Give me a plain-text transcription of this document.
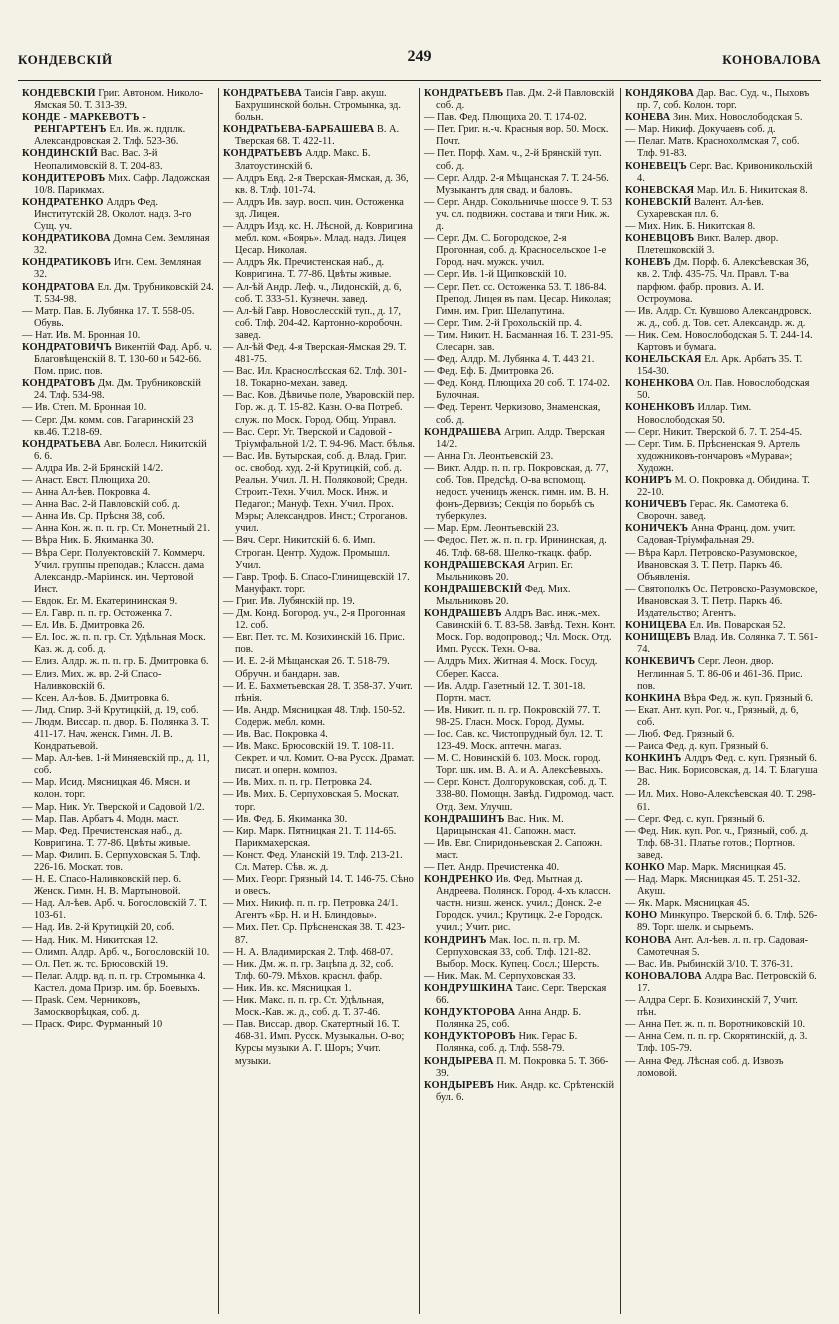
КОНДЕВСКІЙ	249	КОНОВАЛОВА

КОНДЕВСКІЙ Григ. Автоном. Николо-Ямская 50. Т. 313-39.

КОНДЕ - МАРКЕВОТЪ - РЕНГАРТЕНЪ Ел. Ив. ж. пдплк. Александровская 2. Тлф. 523-36.

КОНДИНСКІЙ Вас. Вас. 3-й Неопалимовскій 8. Т. 204-83.

КОНДИТЕРОВЪ Мих. Сафр. Ладожская 10/8. Парикмах.

КОНДРАТЕНКО Алдръ Фед. Институтскій 28. Околот. надз. 3-го Сущ. уч.

КОНДРАТИКОВА Домна Сем. Земляная 32.

КОНДРАТИКОВЪ Игн. Сем. Земляная 32.

КОНДРАТОВА Ел. Дм. Трубниковскій 24. Т. 534-98.

— Матр. Пав. Б. Лубянка 17. Т. 558-05. Обувь.

— Нат. Ив. М. Бронная 10.

КОНДРАТОВИЧЪ Викентій Фад. Арб. ч. Благовѣщенскій 8. Т. 130-60 и 542-66. Пом. прис. пов.

КОНДРАТОВЪ Дм. Дм. Трубниковскій 24. Тлф. 534-98.

— Ив. Степ. М. Бронная 10.

— Серг. Дм. комм. сов. Гагаринскій 23 кв.46. Т.218-69.

КОНДРАТЬЕВА Авг. Болесл. Никитскій 6. 6.

— Алдра Ив. 2-й Брянскій 14/2.

— Анаст. Евст. Плющиха 20.

— Анна Ал-ѣев. Покровка 4.

— Анна Вас. 2-й Павловскій соб. д.

— Анна Ив. Ср. Прѣсня 38, соб.

— Анна Кон. ж. п. п. гр. Ст. Монетный 21.

— Вѣра Ник. Б. Якиманка 30.

— Вѣра Серг. Полуектовскій 7. Коммерч. Учил. группы преподав.; Классн. дама Александр.-Маріинск. ин. Чертовой Инст.

— Евдок. Ег. М. Екатерининская 9.

— Ел. Гавр. п. п. гр. Остоженка 7.

— Ел. Ив. Б. Дмитровка 26.

— Ел. Іос. ж. п. п. гр. Ст. Удѣльная Моск. Каз. ж. д. соб. д.

— Елиз. Алдр. ж. п. п. гр. Б. Дмитровка 6.

— Елиз. Мих. ж. вр. 2-й Спасо-Наливковскій 6.

— Ксен. Ал-ѣов. Б. Дмитровка 6.

— Лид. Спир. 3-й Крутицкій, д. 19, соб.

— Людм. Виссар. п. двор. Б. Полянка 3. Т. 411-17. Нач. женск. Гимн. Л. В. Кондратьевой.

— Мар. Ал-ѣев. 1-й Миняевскій пр., д. 11, соб.

— Мар. Исид. Мясницкая 46. Мясн. и колон. торг.

— Мар. Ник. Уг. Тверской и Садовой 1/2.

— Мар. Пав. Арбатъ 4. Модн. маст.

— Мар. Фед. Пречистенская наб., д. Ковригина. Т. 77-86. Цвѣты живые.

— Мар. Филип. Б. Серпуховская 5. Тлф. 226-16. Москат. тов.

— Н. Е. Спасо-Наливковскій пер. 6. Женск. Гимн. Н. В. Мартыновой.

— Над. Ал-ѣев. Арб. ч. Богословскій 7. Т. 103-61.

— Над. Ив. 2-й Крутицкій 20, соб.

— Над. Ник. М. Никитская 12.

— Олимп. Алдр. Арб. ч., Богословскій 10.

— Ол. Пет. ж. тс. Брюсовскій 19.

— Пелаг. Алдр. вд. п. п. гр. Стромынка 4. Кастел. дома Призр. им. бр. Боевыхъ.

— Прask. Сем. Черниковъ, Замоскворѣцкая, соб. д.

— Праск. Фирс. Фурманный 10

КОНДРАТЬЕВА Таисія Гавр. акуш. Бахрушинской больн. Стромынка, зд. больн.

КОНДРАТЬЕВА-БАРБАШЕВА В. А. Тверская 68. Т. 422-11.

КОНДРАТЬЕВЪ Алдр. Макс. Б. Златоустинскій 6.

— Алдръ Евд. 2-я Тверская-Ямская, д. 36, кв. 8. Тлф. 101-74.

— Алдръ Ив. заур. восп. чин. Остоженка зд. Лицея.

— Алдръ Изд. кс. Н. Лѣсной, д. Ковригина мебл. ком. «Боярь». Млад. надз. Лицея Цесар. Николая.

— Алдръ Як. Пречистенская наб., д. Ковригина. Т. 77-86. Цвѣты живые.

— Ал-ѣй Андр. Леф. ч., Лидонскій, д. 6, соб. Т. 333-51. Кузнечн. завед.

— Ал-ѣй Гавр. Новослесскій туп., д. 17, соб. Тлф. 204-42. Картонно-коробочн. завед.

— Ал-ѣй Фед. 4-я Тверская-Ямская 29. Т. 481-75.

— Вас. Ил. Краснослѣсская 62. Тлф. 301-18. Токарно-механ. завед.

— Вас. Ков. Дѣвичье поле, Уваровскій пер. Гор. ж. д. Т. 15-82. Казн. О-ва Потреб. служ. по Моск. Город. Общ. Управл.

— Вас. Серг. Уг. Тверской и Садовой - Тріумфальной 1/2. Т. 94-96. Маст. бѣлья.

— Вас. Ив. Бутырская, соб. д. Влад. Григ. ос. свобод. худ. 2-й Крутицкій, соб. д. Реальн. Учил. Л. Н. Поляковой; Средн. Строит.-Техн. Учил. Моск. Инж. и Педагог.; Мануф. Техн. Учил. Прох. Мэры; Александров. Инст.; Строганов. учил.

— Вяч. Серг. Никитскій 6. 6. Имп. Строган. Центр. Худож. Промышл. Учил.

— Гавр. Троф. Б. Спасо-Глинищевскій 17. Мануфакт. торг.

— Григ. Ив. Лубянскій пр. 19.

— Дм. Конд. Богород. уч., 2-я Прогонная 12. соб.

— Евг. Пет. тс. М. Козихинскій 16. Прис. пов.

— И. Е. 2-й Мѣщанская 26. Т. 518-79. Обручн. и бандарн. зав.

— И. Е. Бахметьевская 28. Т. 358-37. Учит. пѣнія.

— Ив. Андр. Мясницкая 48. Тлф. 150-52. Содерж. мебл. комн.

— Ив. Вас. Покровка 4.

— Ив. Макс. Брюсовскій 19. Т. 108-11. Секрет. и чл. Комит. О-ва Русск. Драмат. писат. и оперн. композ.

— Ив. Мих. п. п. гр. Петровка 24.

— Ив. Мих. Б. Серпуховская 5. Москат. торг.

— Ив. Фед. Б. Якиманка 30.

— Кир. Марк. Пятницкая 21. Т. 114-65. Парикмахерская.

— Конст. Фед. Уланскій 19. Тлф. 213-21. Сл. Матер. Сѣв. ж. д.

— Мих. Георг. Грязный 14. Т. 146-75. Сѣно и овесъ.

— Мих. Никиф. п. п. гр. Петровка 24/1. Агентъ «Бр. Н. и Н. Блиндовы».

— Мих. Пет. Ср. Прѣсненская 38. Т. 423-87.

— Н. А. Владимирская 2. Тлф. 468-07.

— Ник. Дм. ж. п. гр. Зацѣпа д. 32, соб. Тлф. 60-79. Мѣхов. краснл. фабр.

— Ник. Ив. кс. Мясницкая 1.

— Ник. Макс. п. п. гр. Ст. Удѣльная, Моск.-Кав. ж. д., соб. д. Т. 37-46.

— Пав. Виссар. двор. Скатертный 16. Т. 468-31. Имп. Русск. Музыкальн. О-во; Курсы музыки А. Г. Шоръ; Учит. музыки.

КОНДРАТЬЕВЪ Пав. Дм. 2-й Павловскій соб. д.

— Пав. Фед. Плющиха 20. Т. 174-02.

— Пет. Григ. н.-ч. Красныя вор. 50. Моск. Почт.

— Пет. Порф. Хам. ч., 2-й Брянскій туп. соб. д.

— Серг. Алдр. 2-я Мѣщанская 7. Т. 24-56. Музыкантъ для свад. и баловъ.

— Серг. Андр. Сокольничье шоссе 9. Т. 53 уч. сл. подвижн. состава и тяги Ник. ж. д.

— Серг. Дм. С. Богородское, 2-я Прогонная, соб. д. Красносельское 1-е Город. нач. мужск. учил.

— Серг. Ив. 1-й Щипковскій 10.

— Серг. Пет. сс. Остоженка 53. Т. 186-84. Препод. Лицея въ пам. Цесар. Николая; Гимн. им. Григ. Шелапутина.

— Серг. Тим. 2-й Грохольскій пр. 4.

— Тим. Никит. Н. Басманная 16. Т. 231-95. Слесарн. зав.

— Фед. Алдр. М. Лубянка 4. Т. 443 21.

— Фед. Еф. Б. Дмитровка 26.

— Фед. Конд. Плющиха 20 соб. Т. 174-02. Булочная.

— Фед. Терент. Черкизово, Знаменская, соб. д.

КОНДРАШЕВА Агрип. Алдр. Тверская 14/2.

— Анна Гл. Леонтьевскій 23.

— Викт. Алдр. п. п. гр. Покровская, д. 77, соб. Тов. Предсѣд. О-ва вспомощ. недост. ученицъ женск. гимн. им. В. Н. фонъ-Дервизъ; Секція по борьбѣ съ туберкулез.

— Мар. Ерм. Леонтьевскій 23.

— Федос. Пет. ж. п. п. гр. Ирининская, д. 46. Тлф. 68-68. Шелко-ткацк. фабр.

КОНДРАШЕВСКАЯ Агрип. Ег. Мыльниковъ 20.

КОНДРАШЕВСКІЙ Фед. Мих. Мыльниковъ 20.

КОНДРАШЕВЪ Алдръ Вас. инж.-мех. Савинскій 6. Т. 83-58. Завѣд. Техн. Конт. Моск. Гор. водопровод.; Чл. Моск. Отд. Имп. Русск. Техн. О-ва.

— Алдръ Мих. Житная 4. Моск. Госуд. Сберег. Касса.

— Ив. Алдр. Газетный 12. Т. 301-18. Портн. маст.

— Ив. Никит. п. п. гр. Покровскій 77. Т. 98-25. Гласн. Моск. Город. Думы.

— Іос. Сав. кс. Чистопрудный бул. 12. Т. 123-49. Моск. аптечн. магаз.

— М. С. Новинскій 6. 103. Моск. город. Торг. шк. им. В. А. и А. Алексѣевыхъ.

— Серг. Конст. Долгоруковская, соб. д. Т. 338-80. Помощн. Завѣд. Гидромод. част. Отд. Зем. Улучш.

КОНДРАШИНЪ Вас. Ник. М. Царицынская 41. Сапожн. маст.

— Ив. Евг. Спиридоньевская 2. Сапожн. маст.

— Пет. Андр. Пречистенка 40.

КОНДРЕНКО Ив. Фед. Мытная д. Андреева. Полянск. Город. 4-хъ классн. частн. низш. женск. учил.; Донск. 2-е Городск. учил.; Крутицк. 2-е Городск. учил.; Учит. рис.

КОНДРИНЪ Мак. Іос. п. п. гр. М. Серпуховская 33, соб. Тлф. 121-82. Выбор. Моск. Купец. Сосл.; Шерсть.

— Ник. Мак. М. Серпуховская 33.

КОНДРУШКИНА Таис. Серг. Тверская 66.

КОНДУКТОРОВА Анна Андр. Б. Полянка 25, соб.

КОНДУКТОРОВЪ Ник. Герас Б. Полянка, соб. д. Тлф. 558-79.

КОНДЫРЕВА П. М. Покровка 5. Т. 366-39.

КОНДЫРЕВЪ Ник. Андр. кс. Срѣтенскій бул. 6.

КОНДЯКОВА Дар. Вас. Суд. ч., Пыховъ пр. 7, соб. Колон. торг.

КОНЕВА Зин. Мих. Новослободская 5.

— Мар. Никиф. Докучаевъ соб. д.

— Пелаг. Матв. Краснохолмская 7, соб. Тлф. 91-83.

КОНЕВЕЦЪ Серг. Вас. Кривоникольскій 4.

КОНЕВСКАЯ Мар. Ил. Б. Никитская 8.

КОНЕВСКІЙ Валент. Ал-ѣев. Сухаревская пл. 6.

— Мих. Ник. Б. Никитская 8.

КОНЕВЦОВЪ Викт. Валер. двор. Плетешковскій 3.

КОНЕВЪ Дм. Порф. 6. Алексѣевская 36, кв. 2. Тлф. 435-75. Чл. Правл. Т-ва парфюм. фабр. провиз. А. И. Остроумова.

— Ив. Алдр. Ст. Кувшово Александровск. ж. д., соб. д. Тов. сет. Александр. ж. д.

— Ник. Сем. Новослободская 5. Т. 244-14. Картовъ и бумага.

КОНЕЛЬСКАЯ Ел. Арк. Арбатъ 35. Т. 154-30.

КОНЕНКОВА Ол. Пав. Новослободская 50.

КОНЕНКОВЪ Иллар. Тим. Новослободская 50.

— Серг. Никит. Тверской б. 7. Т. 254-45.

— Серг. Тим. Б. Прѣсненская 9. Артель художниковъ-гончаровъ «Мурава»; Художн.

КОНИРЪ М. О. Покровка д. Обидина. Т. 22-10.

КОНИЧЕВЪ Герас. Як. Самотека 6. Сворочн. завед.

КОНИЧЕКЪ Анна Франц. дом. учит. Садовая-Тріумфальная 29.

— Вѣра Карл. Петровско-Разумовское, Ивановская 3. Т. Петр. Паркъ 46. Объявленія.

— Святополкъ Ос. Петровско-Разумовское, Ивановская 3. Т. Петр. Паркъ 46. Издательство; Агентъ.

КОНИЦЕВА Ел. Ив. Поварская 52.

КОНИЩЕВЪ Влад. Ив. Солянка 7. Т. 561-74.

КОНКЕВИЧЪ Серг. Леон. двор. Неглинная 5. Т. 86-06 и 461-36. Прис. пов.

КОНКИНА Вѣра Фед. ж. куп. Грязный 6.

— Екат. Ант. куп. Рог. ч., Грязный, д. 6, соб.

— Люб. Фед. Грязный 6.

— Раиса Фед. д. куп. Грязный 6.

КОНКИНЪ Алдръ Фед. с. куп. Грязный 6.

— Вас. Ник. Борисовская, д. 14. Т. Благуша 28.

— Ил. Мих. Ново-Алексѣевская 40. Т. 298-61.

— Серг. Фед. с. куп. Грязный 6.

— Фед. Ник. куп. Рог. ч., Грязный, соб. д. Тлф. 68-31. Платье готов.; Портнов. завед.

КОНКО Мар. Марк. Мясницкая 45.

— Над. Марк. Мясницкая 45. Т. 251-32. Акуш.

— Як. Марк. Мясницкая 45.

КОНО Минкупро. Тверской б. 6. Тлф. 526-89. Торг. шелк. и сырьемъ.

КОНОВА Ант. Ал-ѣев. л. п. гр. Садовая-Самотечная 5.

— Вас. Ив. Рыбинскій 3/10. Т. 376-31.

КОНОВАЛОВА Алдра Вас. Петровскій 6. 17.

— Алдра Серг. Б. Козихинскій 7, Учит. пѣн.

— Анна Пет. ж. п. п. Воротниковскій 10.

— Анна Сем. п. п. гр. Скорятинскій, д. 3. Тлф. 105-79.

— Анна Фед. Лѣсная соб. д. Извозъ ломовой.
